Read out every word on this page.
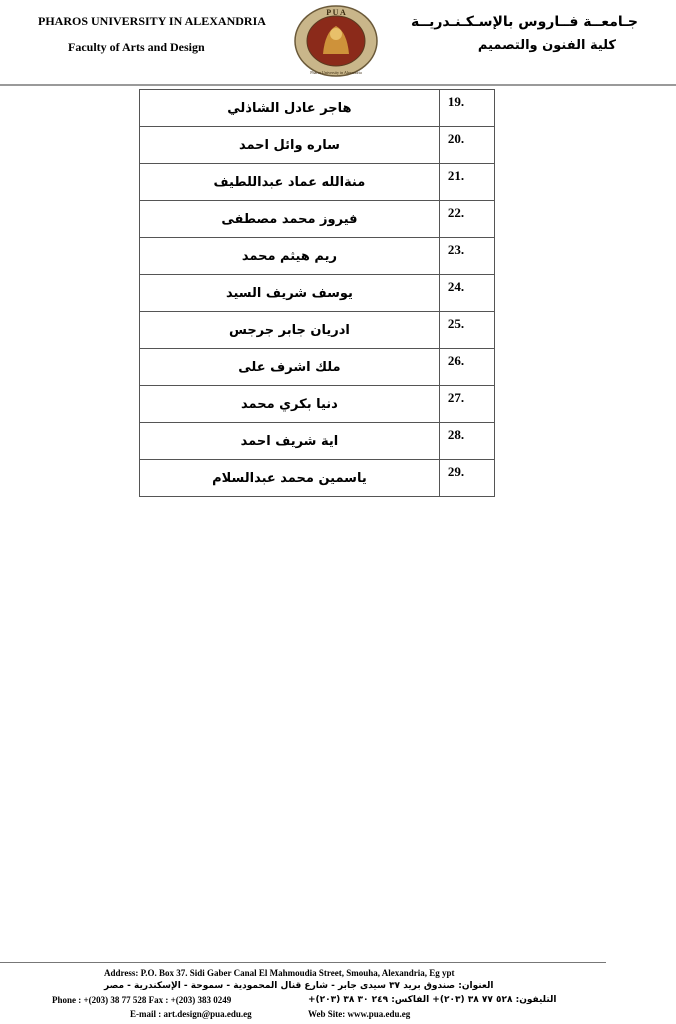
PHAROS UNIVERSITY IN ALEXANDRIA
Faculty of Arts and Design
P U A
Pharos University in Alexandria
جـامعــة فــاروس بالإسـكـنـدريــة
كلية الفنون والتصميم
هاجر عادل الشاذلي	19.
ساره وائل احمد	20.
منةالله عماد عبداللطيف	21.
فيروز محمد مصطفى	22.
ريم هيثم محمد	23.
يوسف شريف السيد	24.
ادريان جابر جرجس	25.
ملك اشرف على	26.
دنيا بكري محمد	27.
اية شريف احمد	28.
ياسمين محمد عبدالسلام	29.
Address: P.O. Box 37. Sidi Gaber Canal El Mahmoudia Street, Smouha, Alexandria, Eg ypt
العنوان: صندوق بريد ٣٧ سيدى جابر - شارع قنال المحمودية - سموحة - الإسكندرية - مصر
Phone : +(203) 38 77 528 Fax : +(203) 383 0249	التليفون: ٥٢٨ ٧٧ ٣٨ (٢٠٣)+ الفاكس: ٢٤٩ ٣٠ ٣٨ (٢٠٣)+
E-mail : art.design@pua.edu.eg	Web Site: www.pua.edu.eg
